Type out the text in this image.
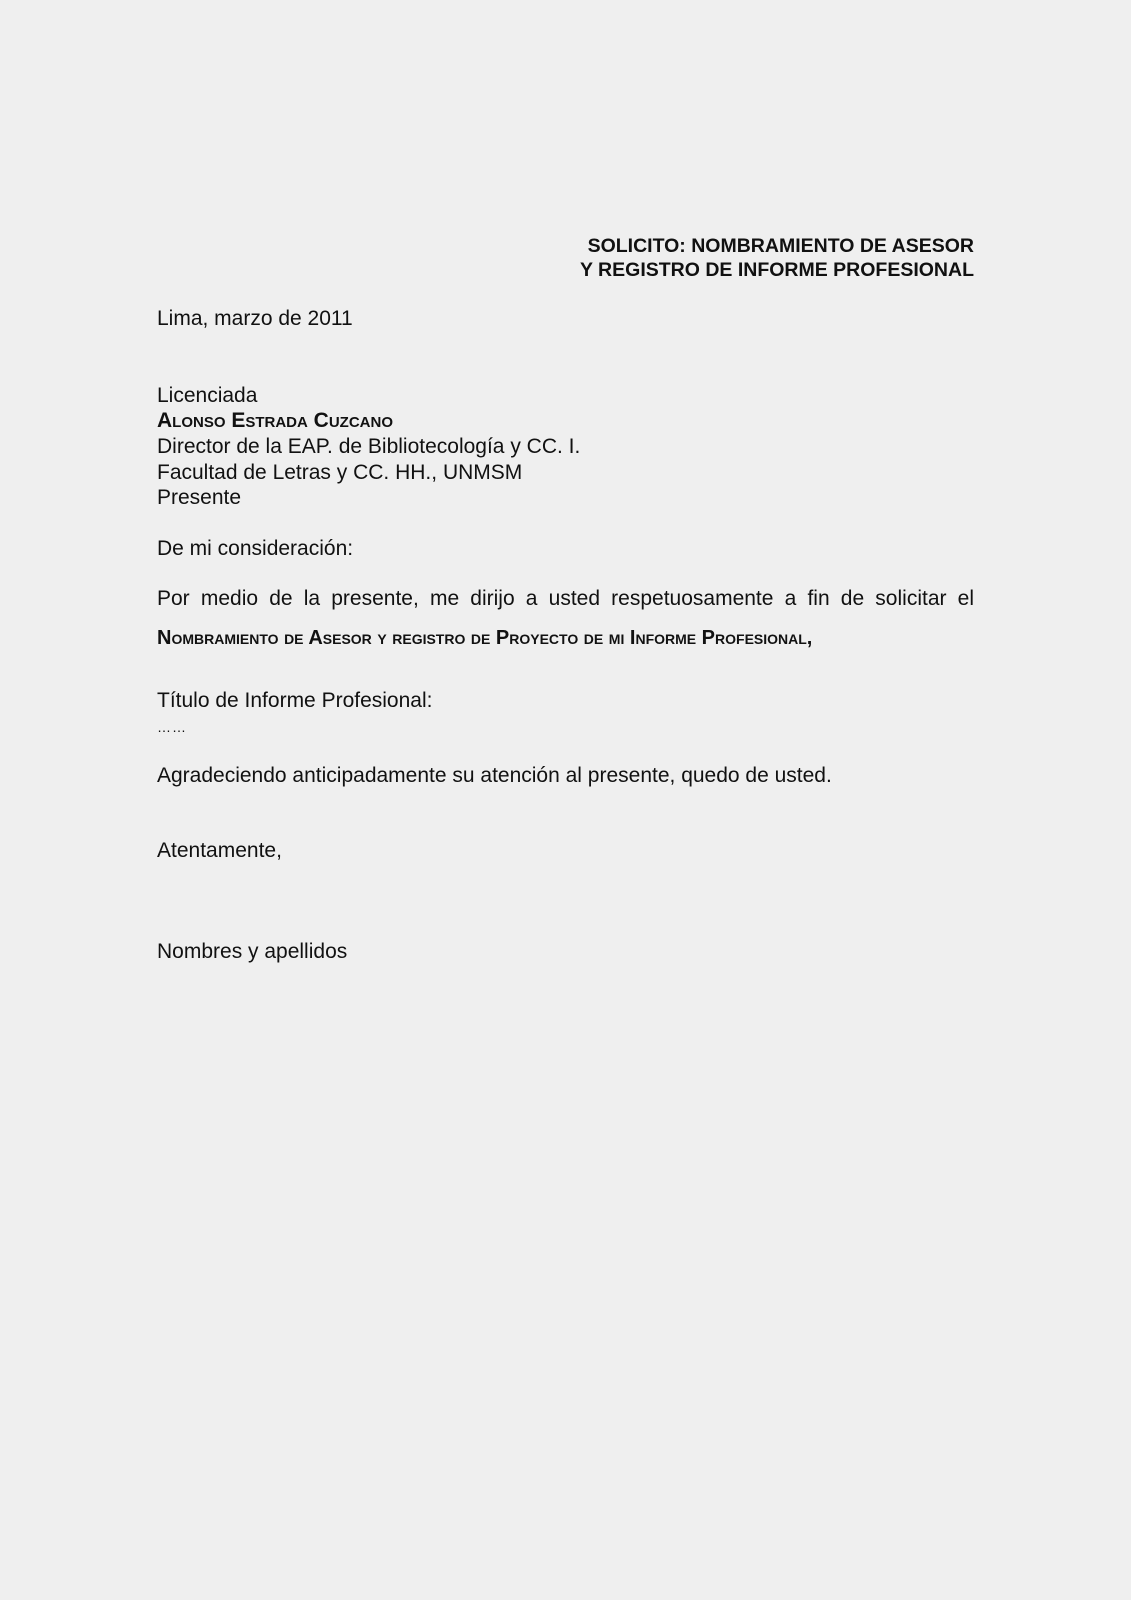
SOLICITO: NOMBRAMIENTO DE ASESOR
Y REGISTRO DE INFORME PROFESIONAL
Lima, marzo de 2011
Licenciada
Alonso Estrada Cuzcano
Director de la EAP. de Bibliotecología y CC. I.
Facultad de Letras y CC. HH., UNMSM
Presente
De mi consideración:
Por medio de la presente, me dirijo a usted respetuosamente a fin de solicitar el
Nombramiento de Asesor y registro de Proyecto de mi Informe Profesional,
Título de Informe Profesional:
……
Agradeciendo anticipadamente su atención al presente, quedo de usted.
Atentamente,
Nombres y apellidos
